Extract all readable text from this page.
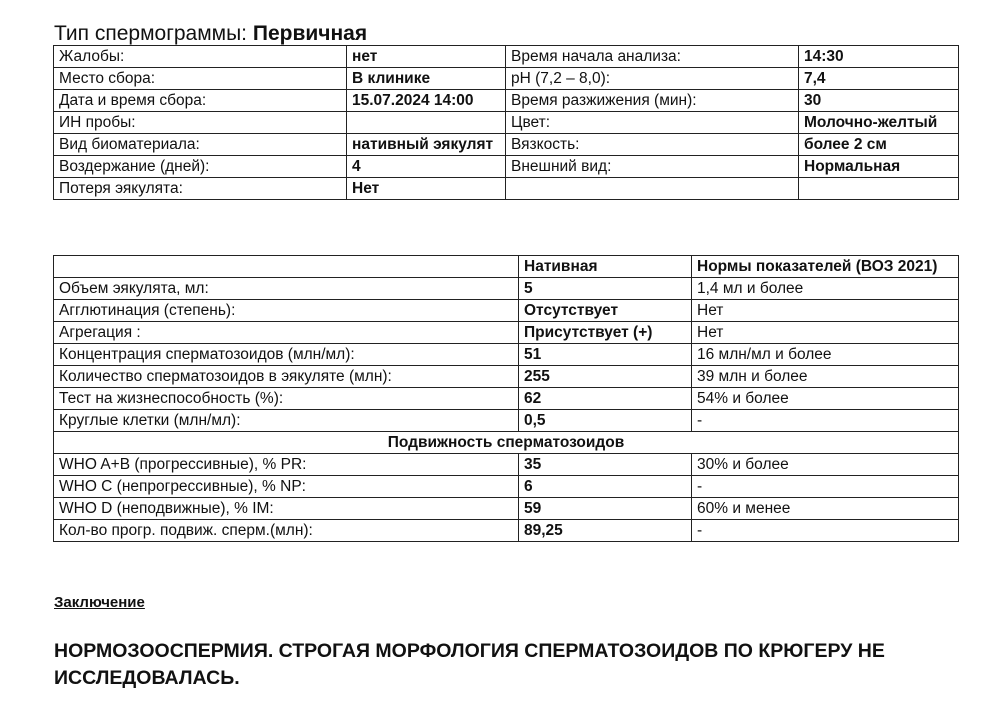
Тип спермограммы: Первичная
Жалобы:	нет	Время начала анализа:	14:30
Место сбора:	В клинике	pH (7,2 – 8,0):	7,4
Дата и время сбора:	15.07.2024 14:00	Время разжижения (мин):	30
ИН пробы:		Цвет:	Молочно-желтый
Вид биоматериала:	нативный эякулят	Вязкость:	более 2 см
Воздержание (дней):	4	Внешний вид:	Нормальная
Потеря эякулята:	Нет		
	Нативная	Нормы показателей (ВОЗ 2021)
Объем эякулята, мл:	5	1,4 мл и более
Агглютинация (степень):	Отсутствует	Нет
Агрегация :	Присутствует (+)	Нет
Концентрация сперматозоидов (млн/мл):	51	16 млн/мл и более
Количество сперматозоидов в эякуляте (млн):	255	39 млн и более
Тест на жизнеспособность (%):	62	54% и более
Круглые клетки (млн/мл):	0,5	-
Подвижность сперматозоидов		
WHO A+B (прогрессивные), % PR:	35	30% и более
WHO C (непрогрессивные), % NP:	6	-
WHO D (неподвижные), % IM:	59	60% и менее
Кол-во прогр. подвиж. сперм.(млн):	89,25	-
Заключение
НОРМОЗООСПЕРМИЯ. СТРОГАЯ МОРФОЛОГИЯ СПЕРМАТОЗОИДОВ ПО КРЮГЕРУ НЕ ИССЛЕДОВАЛАСЬ.
